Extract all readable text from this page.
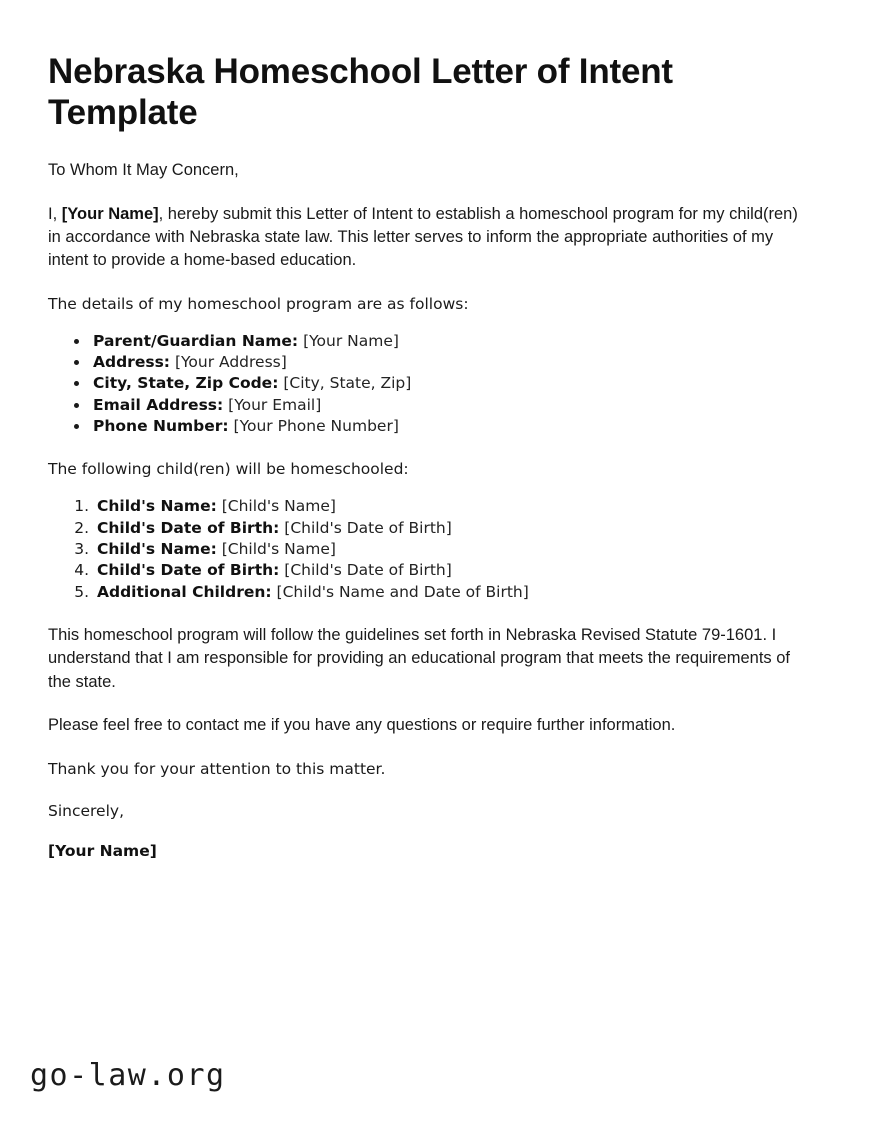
Nebraska Homeschool Letter of Intent Template

To Whom It May Concern,

I, [Your Name], hereby submit this Letter of Intent to establish a homeschool program for my child(ren) in accordance with Nebraska state law. This letter serves to inform the appropriate authorities of my intent to provide a home-based education.

The details of my homeschool program are as follows:

• Parent/Guardian Name: [Your Name]
• Address: [Your Address]
• City, State, Zip Code: [City, State, Zip]
• Email Address: [Your Email]
• Phone Number: [Your Phone Number]

The following child(ren) will be homeschooled:

1. Child's Name: [Child's Name]
2. Child's Date of Birth: [Child's Date of Birth]
3. Child's Name: [Child's Name]
4. Child's Date of Birth: [Child's Date of Birth]
5. Additional Children: [Child's Name and Date of Birth]

This homeschool program will follow the guidelines set forth in Nebraska Revised Statute 79-1601. I understand that I am responsible for providing an educational program that meets the requirements of the state.

Please feel free to contact me if you have any questions or require further information.

Thank you for your attention to this matter.

Sincerely,

[Your Name]

go-law.org
